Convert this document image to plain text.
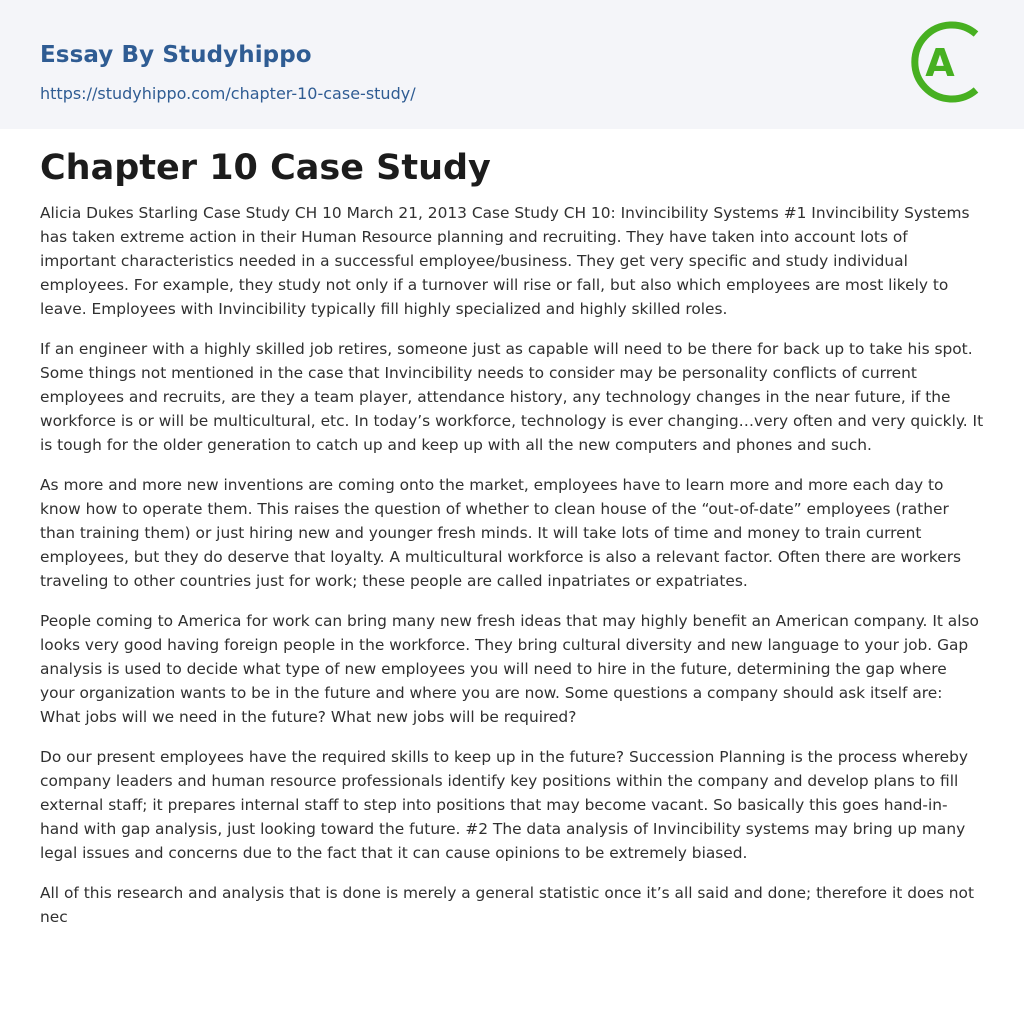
Essay By Studyhippo
https://studyhippo.com/chapter-10-case-study/
A
Chapter 10 Case Study

Alicia Dukes Starling Case Study CH 10 March 21, 2013 Case Study CH 10: Invincibility Systems #1 Invincibility Systems has taken extreme action in their Human Resource planning and recruiting. They have taken into account lots of important characteristics needed in a successful employee/business. They get very specific and study individual employees. For example, they study not only if a turnover will rise or fall, but also which employees are most likely to leave. Employees with Invincibility typically fill highly specialized and highly skilled roles.

If an engineer with a highly skilled job retires, someone just as capable will need to be there for back up to take his spot. Some things not mentioned in the case that Invincibility needs to consider may be personality conflicts of current employees and recruits, are they a team player, attendance history, any technology changes in the near future, if the workforce is or will be multicultural, etc. In today’s workforce, technology is ever changing…very often and very quickly. It is tough for the older generation to catch up and keep up with all the new computers and phones and such.

As more and more new inventions are coming onto the market, employees have to learn more and more each day to know how to operate them. This raises the question of whether to clean house of the “out-of-date” employees (rather than training them) or just hiring new and younger fresh minds. It will take lots of time and money to train current employees, but they do deserve that loyalty. A multicultural workforce is also a relevant factor. Often there are workers traveling to other countries just for work; these people are called inpatriates or expatriates.

People coming to America for work can bring many new fresh ideas that may highly benefit an American company. It also looks very good having foreign people in the workforce. They bring cultural diversity and new language to your job. Gap analysis is used to decide what type of new employees you will need to hire in the future, determining the gap where your organization wants to be in the future and where you are now. Some questions a company should ask itself are: What jobs will we need in the future? What new jobs will be required?

Do our present employees have the required skills to keep up in the future? Succession Planning is the process whereby company leaders and human resource professionals identify key positions within the company and develop plans to fill external staff; it prepares internal staff to step into positions that may become vacant. So basically this goes hand-in-hand with gap analysis, just looking toward the future. #2 The data analysis of Invincibility systems may bring up many legal issues and concerns due to the fact that it can cause opinions to be extremely biased.

All of this research and analysis that is done is merely a general statistic once it’s all said and done; therefore it does not nec
